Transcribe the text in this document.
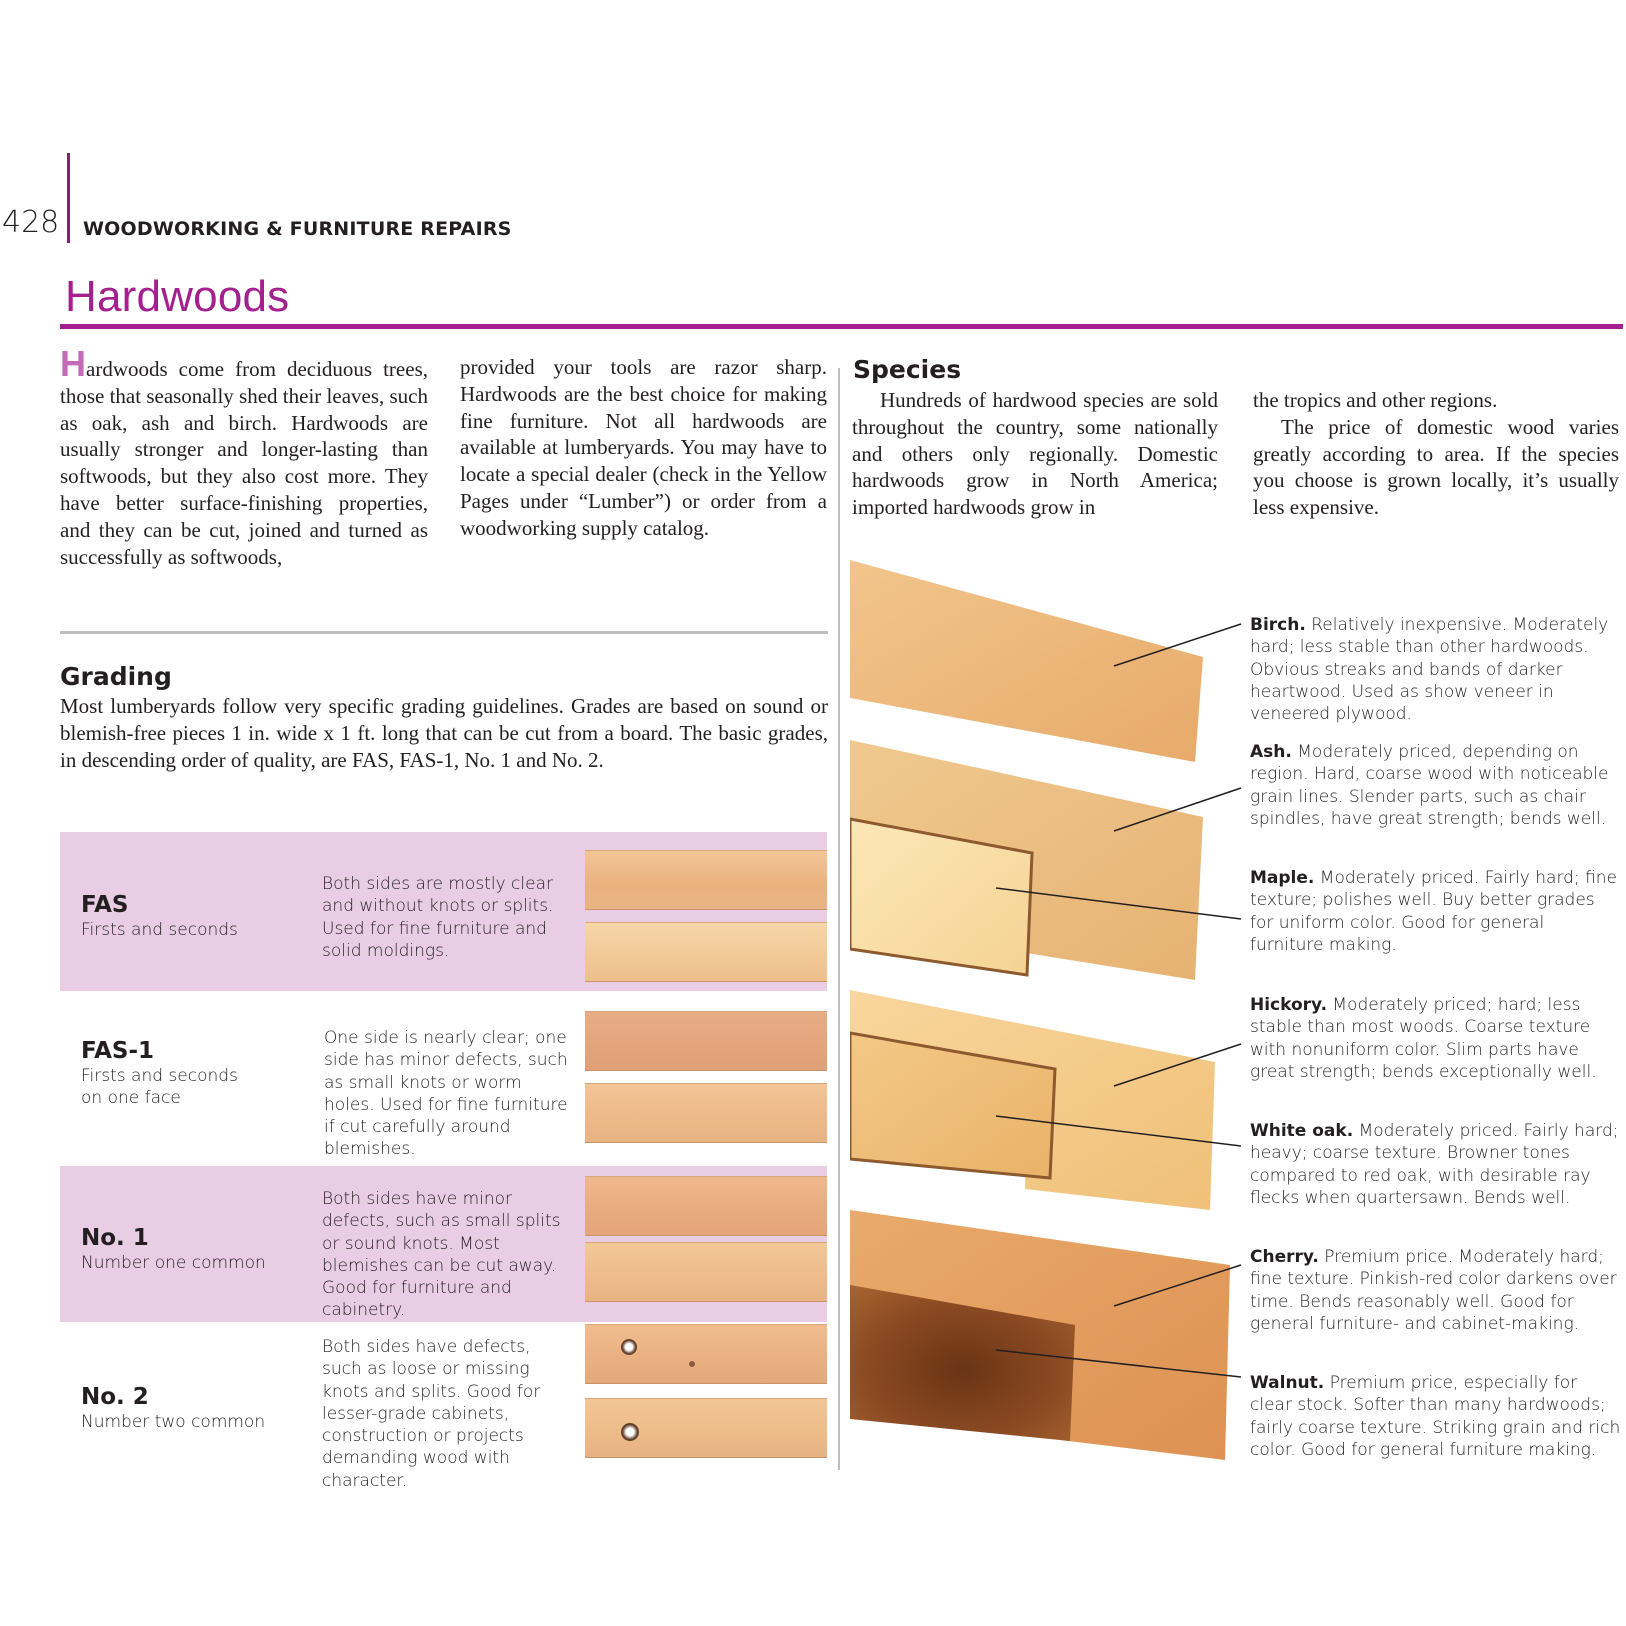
428 WOODWORKING & FURNITURE REPAIRS
Hardwoods

Hardwoods come from deciduous trees, those that seasonally shed their leaves, such as oak, ash and birch. Hardwoods are usually stronger and longer-lasting than softwoods, but they also cost more. They have better surface-finishing properties, and they can be cut, joined and turned as successfully as softwoods,

provided your tools are razor sharp. Hardwoods are the best choice for making fine furniture. Not all hardwoods are available at lumberyards. You may have to locate a special dealer (check in the Yellow Pages under “Lumber”) or order from a woodworking supply catalog.

Species

Hundreds of hardwood species are sold throughout the country, some nationally and others only regionally. Domestic hardwoods grow in North America; imported hardwoods grow in

the tropics and other regions.

The price of domestic wood varies greatly according to area. If the species you choose is grown locally, it’s usually less expensive.

Grading
Most lumberyards follow very specific grading guidelines. Grades are based on sound or blemish-free pieces 1 in. wide x 1 ft. long that can be cut from a board. The basic grades, in descending order of quality, are FAS, FAS-1, No. 1 and No. 2.
FAS
Firsts and seconds
Both sides are mostly clear and without knots or splits. Used for fine furniture and solid moldings.
FAS-1
Firsts and seconds on one face
One side is nearly clear; one side has minor defects, such as small knots or worm holes. Used for fine furniture if cut carefully around blemishes.
No. 1
Number one common
Both sides have minor defects, such as small splits or sound knots. Most blemishes can be cut away. Good for furniture and cabinetry.
No. 2
Number two common
Both sides have defects, such as loose or missing knots and splits. Good for lesser-grade cabinets, construction or projects demanding wood with character.
Birch. Relatively inexpensive. Moderately hard; less stable than other hardwoods. Obvious streaks and bands of darker heartwood. Used as show veneer in veneered plywood.
Ash. Moderately priced, depending on region. Hard, coarse wood with noticeable grain lines. Slender parts, such as chair spindles, have great strength; bends well.
Maple. Moderately priced. Fairly hard; fine texture; polishes well. Buy better grades for uniform color. Good for general furniture making.
Hickory. Moderately priced; hard; less stable than most woods. Coarse texture with nonuniform color. Slim parts have great strength; bends exceptionally well.
White oak. Moderately priced. Fairly hard; heavy; coarse texture. Browner tones compared to red oak, with desirable ray flecks when quartersawn. Bends well.
Cherry. Premium price. Moderately hard; fine texture. Pinkish-red color darkens over time. Bends reasonably well. Good for general furniture- and cabinet-making.
Walnut. Premium price, especially for clear stock. Softer than many hardwoods; fairly coarse texture. Striking grain and rich color. Good for general furniture making.
